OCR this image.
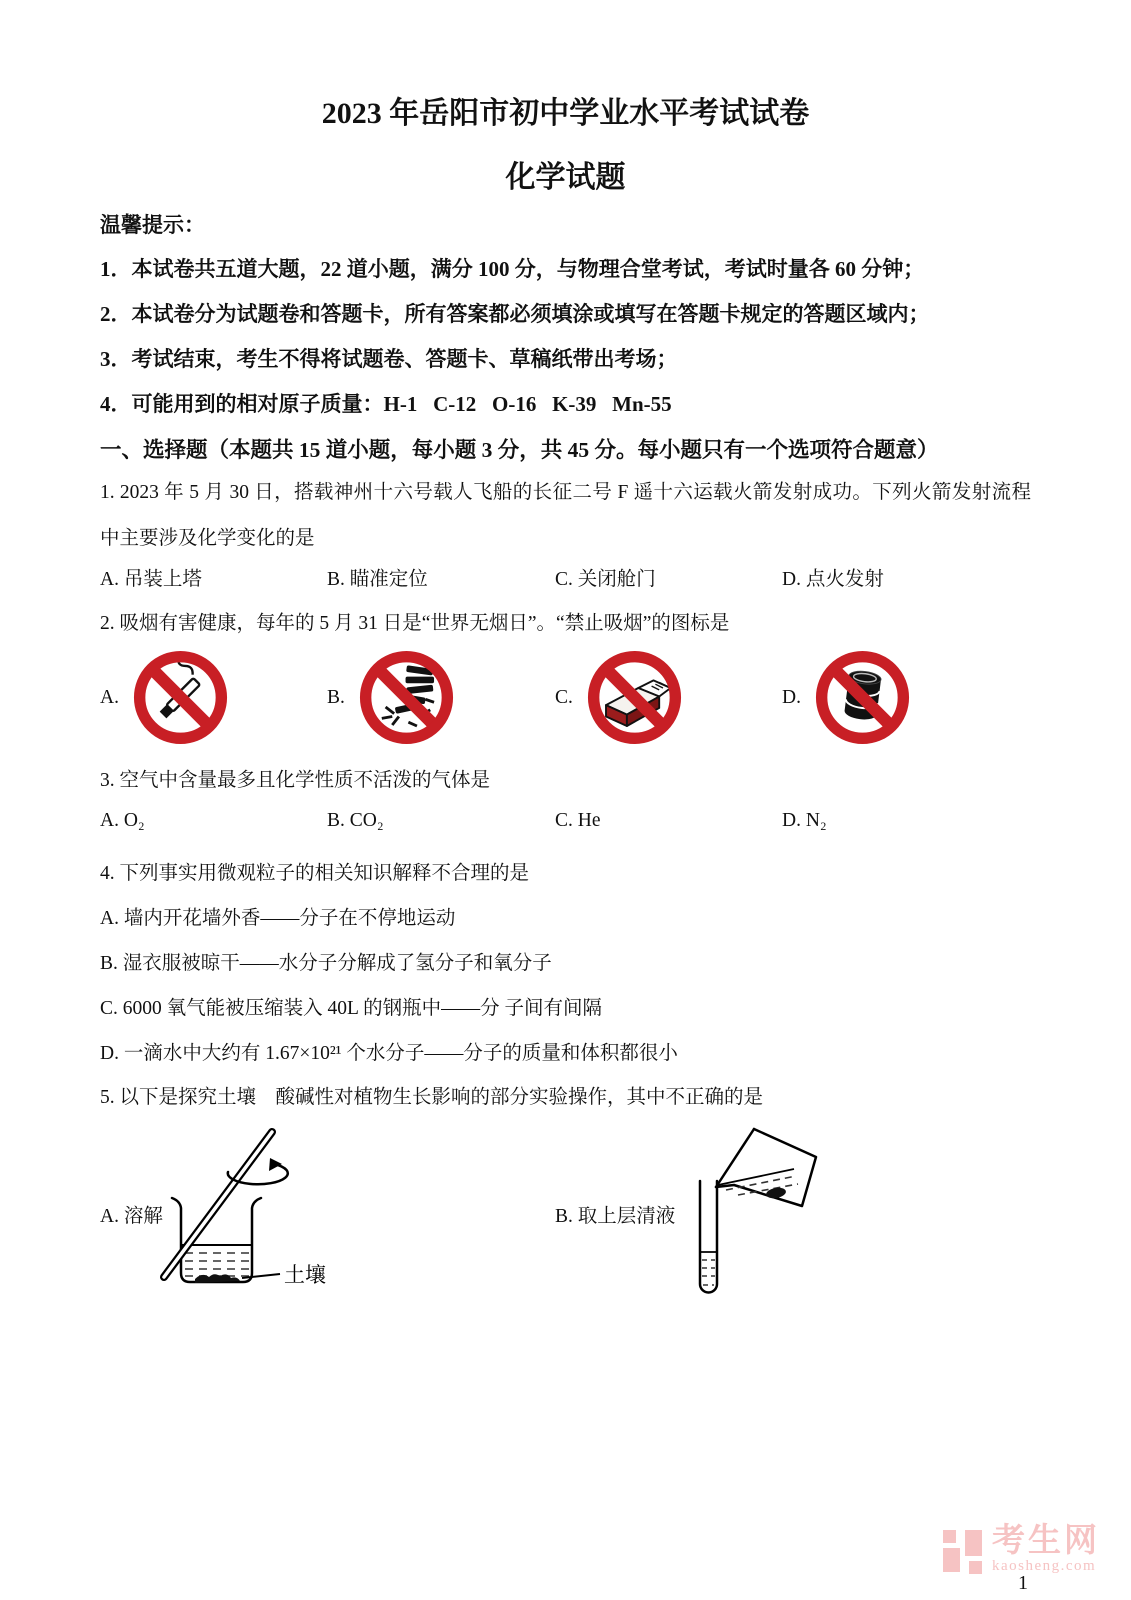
2023 年岳阳市初中学业水平考试试卷
化学试题
温馨提示：
1．本试卷共五道大题，22 道小题，满分 100 分，与物理合堂考试，考试时量各 60 分钟；
2．本试卷分为试题卷和答题卡，所有答案都必须填涂或填写在答题卡规定的答题区域内；
3．考试结束，考生不得将试题卷、答题卡、草稿纸带出考场；
4．可能用到的相对原子质量：H-1   C-12   O-16   K-39   Mn-55
一、选择题（本题共 15 道小题，每小题 3 分，共 45 分。每小题只有一个选项符合题意）
1. 2023 年 5 月 30 日，搭载神州十六号载人飞船的长征二号 F 遥十六运载火箭发射成功。下列火箭发射流程中主要涉及化学变化的是
A. 吊装上塔	B. 瞄准定位	C. 关闭舱门	D. 点火发射
2. 吸烟有害健康，每年的 5 月 31 日是“世界无烟日”。“禁止吸烟”的图标是
A.	B.	C.	D.
3. 空气中含量最多且化学性质不活泼的气体是
A. O₂	B. CO₂	C. He	D. N₂
4. 下列事实用微观粒子的相关知识解释不合理的是
A. 墙内开花墙外香——分子在不停地运动
B. 湿衣服被晾干——水分子分解成了氢分子和氧分子
C. 6000 氧气能被压缩装入 40L 的钢瓶中——分 子间有间隔
D. 一滴水中大约有 1.67×10²¹ 个水分子——分子的质量和体积都很小
5. 以下是探究土壤　酸碱性对植物生长影响的部分实验操作，其中不正确的是
A. 溶解
土壤
B. 取上层清液
考生网
kaosheng.com
1
